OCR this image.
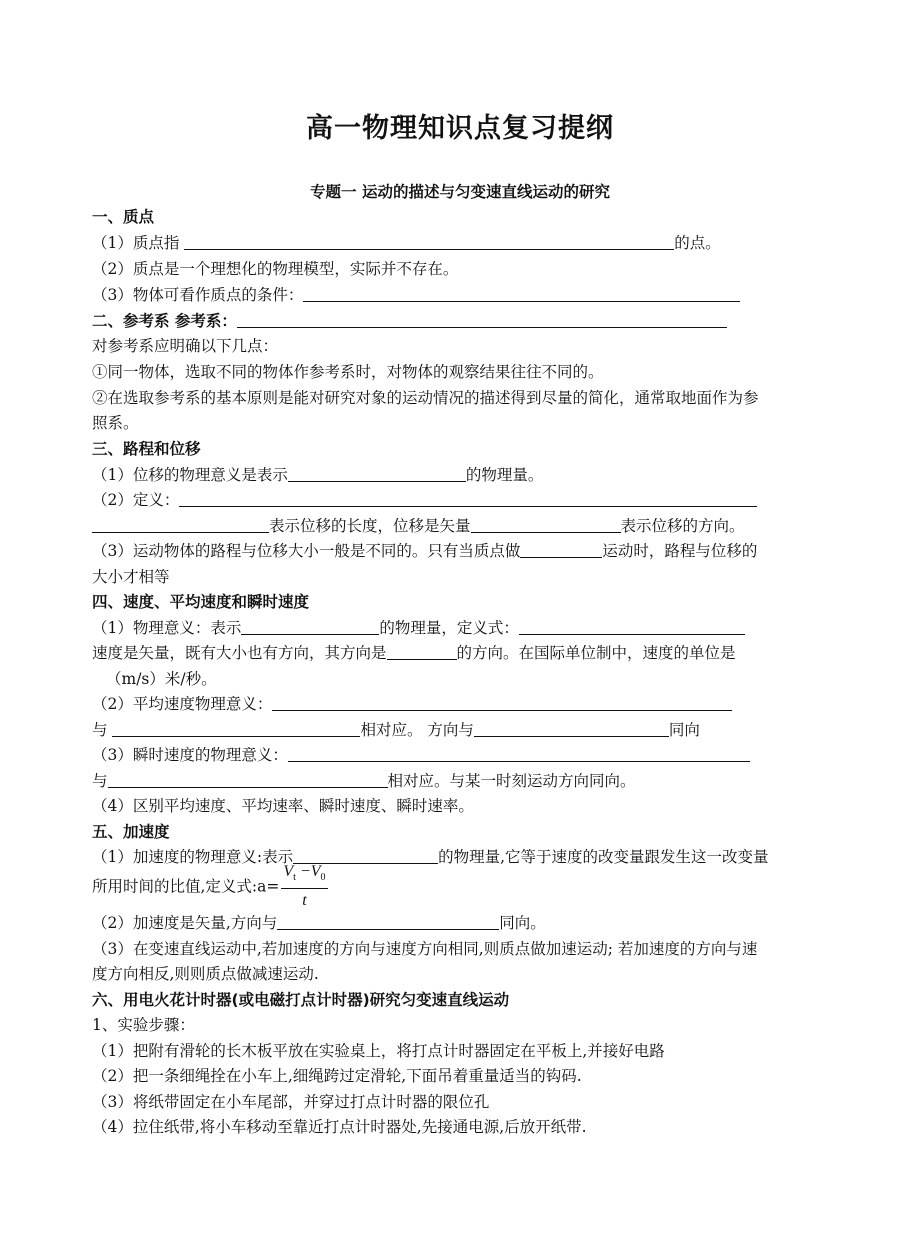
高一物理知识点复习提纲
专题一 运动的描述与匀变速直线运动的研究
一、质点
（1）质点指	的点。
（2）质点是一个理想化的物理模型，实际并不存在。
（3）物体可看作质点的条件：
二、参考系 参考系：
对参考系应明确以下几点：
①同一物体，选取不同的物体作参考系时，对物体的观察结果往往不同的。
②在选取参考系的基本原则是能对研究对象的运动情况的描述得到尽量的简化，通常取地面作为参
照系。
三、路程和位移
（1）位移的物理意义是表示	的物理量。
（2）定义：
表示位移的长度，位移是矢量	表示位移的方向。
（3）运动物体的路程与位移大小一般是不同的。只有当质点做	运动时，路程与位移的
大小才相等
四、速度、平均速度和瞬时速度
（1）物理意义：表示	的物理量，定义式：
速度是矢量，既有大小也有方向，其方向是	的方向。在国际单位制中，速度的单位是
（m/s）米/秒。
（2）平均速度物理意义：
与	相对应。 方向与	同向
（3）瞬时速度的物理意义：
与	相对应。与某一时刻运动方向同向。
（4）区别平均速度、平均速率、瞬时速度、瞬时速率。
五、加速度
（1）加速度的物理意义:表示	的物理量,它等于速度的改变量跟发生这一改变量
所用时间的比值,定义式:a= $\frac{V_t -V_0}{t}$
（2）加速度是矢量,方向与	同向。
（3）在变速直线运动中,若加速度的方向与速度方向相同,则质点做加速运动; 若加速度的方向与速
度方向相反,则则质点做减速运动.
六、用电火花计时器(或电磁打点计时器)研究匀变速直线运动
1、实验步骤：
（1）把附有滑轮的长木板平放在实验桌上，将打点计时器固定在平板上,并接好电路
（2）把一条细绳拴在小车上,细绳跨过定滑轮,下面吊着重量适当的钩码.
（3）将纸带固定在小车尾部，并穿过打点计时器的限位孔
（4）拉住纸带,将小车移动至靠近打点计时器处,先接通电源,后放开纸带.
